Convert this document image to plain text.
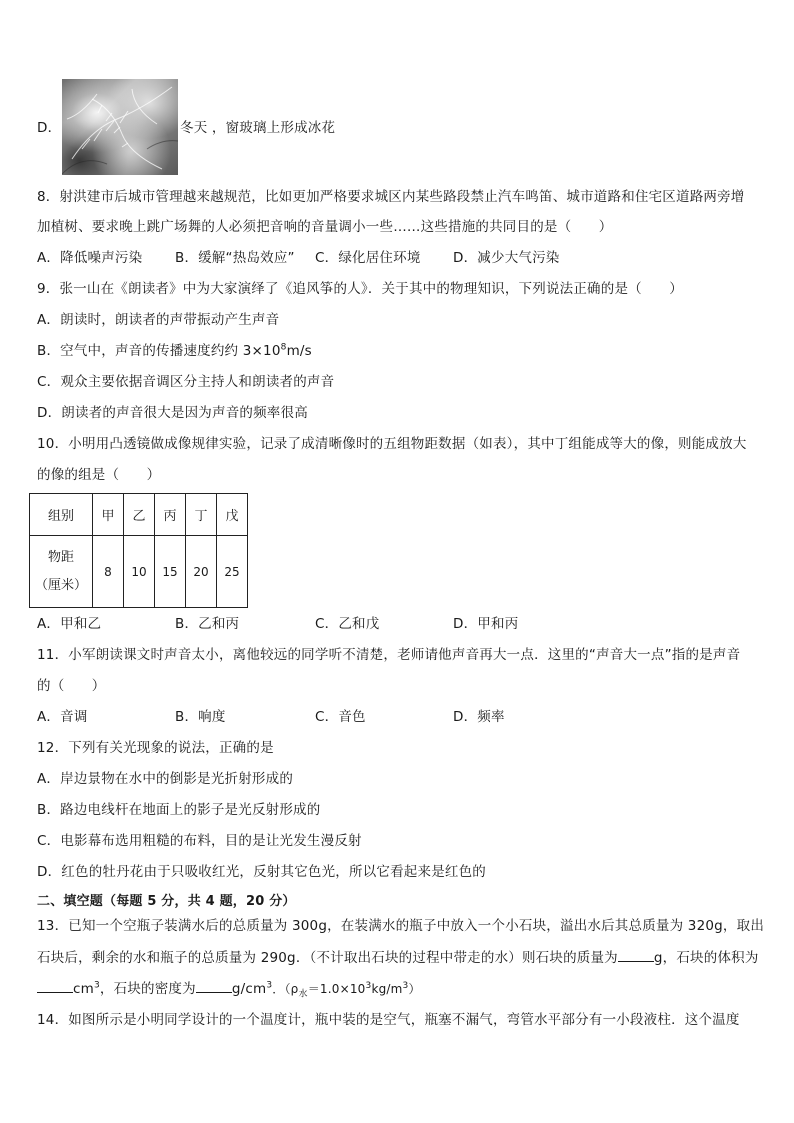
D．	冬天 ，窗玻璃上形成冰花
8．射洪建市后城市管理越来越规范，比如更加严格要求城区内某些路段禁止汽车鸣笛、城市道路和住宅区道路两旁增
加植树、要求晚上跳广场舞的人必须把音响的音量调小一些……这些措施的共同目的是（　　）
A．降低噪声污染 B．缓解“热岛效应” C．绿化居住环境 D．减少大气污染
9．张一山在《朗读者》中为大家演绎了《追风筝的人》．关于其中的物理知识，下列说法正确的是（　　）
A．朗读时，朗读者的声带振动产生声音
B．空气中，声音的传播速度约约 $3\times 10^8m/s$
C．观众主要依据音调区分主持人和朗读者的声音
D．朗读者的声音很大是因为声音的频率很高
10．小明用凸透镜做成像规律实验，记录了成清晰像时的五组物距数据（如表），其中丁组能成等大的像，则能成放大
的像的组是（　　）
组别	甲	乙	丙	丁	戊

物距
（厘米）	8	10	15	20	25
A．甲和乙	B．乙和丙	C．乙和戊	D．甲和丙
11．小军朗读课文时声音太小，离他较远的同学听不清楚，老师请他声音再大一点．这里的“声音大一点”指的是声音
的（　　）
A．音调	B．响度	C．音色	D．频率
12．下列有关光现象的说法，正确的是
A．岸边景物在水中的倒影是光折射形成的
B．路边电线杆在地面上的影子是光反射形成的
C．电影幕布选用粗糙的布料，目的是让光发生漫反射
D．红色的牡丹花由于只吸收红光，反射其它色光，所以它看起来是红色的
二、填空题（每题 5 分，共 4 题，20 分）
13．已知一个空瓶子装满水后的总质量为 300g，在装满水的瓶子中放入一个小石块，溢出水后其总质量为 320g，取出
石块后，剩余的水和瓶子的总质量为 290g．（不计取出石块的过程中带走的水）则石块的质量为	g，石块的体积为
$cm^3$，石块的密度为	$g/cm^3$．$(\rho_水=1.0\times 10^3kg/m^3)$
14．如图所示是小明同学设计的一个温度计，瓶中装的是空气，瓶塞不漏气，弯管水平部分有一小段液柱．这个温度
